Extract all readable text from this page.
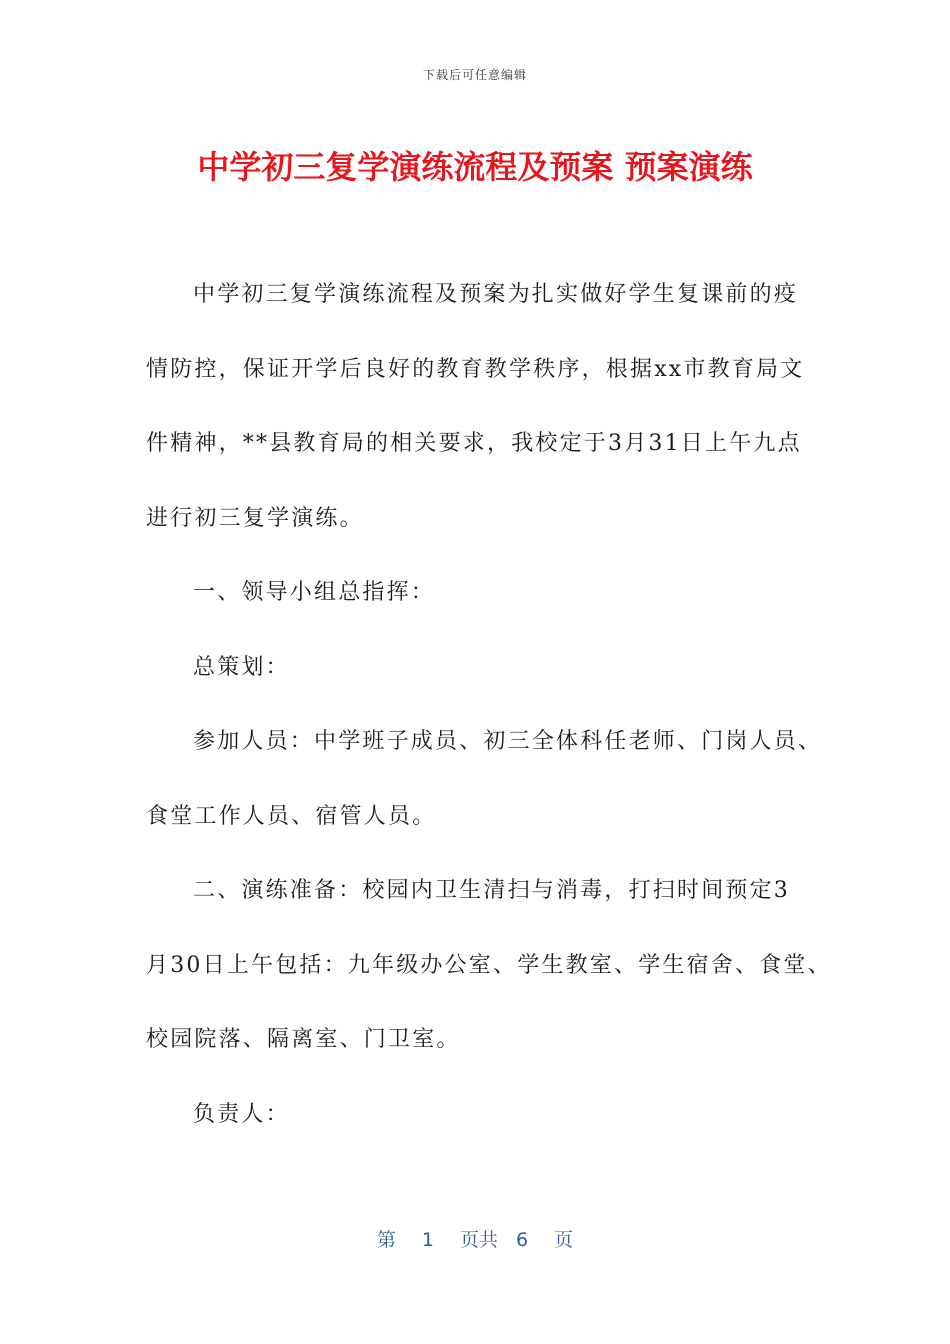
下载后可任意编辑
中学初三复学演练流程及预案 预案演练
中学初三复学演练流程及预案为扎实做好学生复课前的疫
情防控，保证开学后良好的教育教学秩序，根据xx市教育局文
件精神，**县教育局的相关要求，我校定于3月31日上午九点
进行初三复学演练。
一、领导小组总指挥：
总策划：
参加人员：中学班子成员、初三全体科任老师、门岗人员、
食堂工作人员、宿管人员。
二、演练准备：校园内卫生清扫与消毒，打扫时间预定3
月30日上午包括：九年级办公室、学生教室、学生宿舍、食堂、
校园院落、隔离室、门卫室。
负责人：
第 1 页共 6 页
